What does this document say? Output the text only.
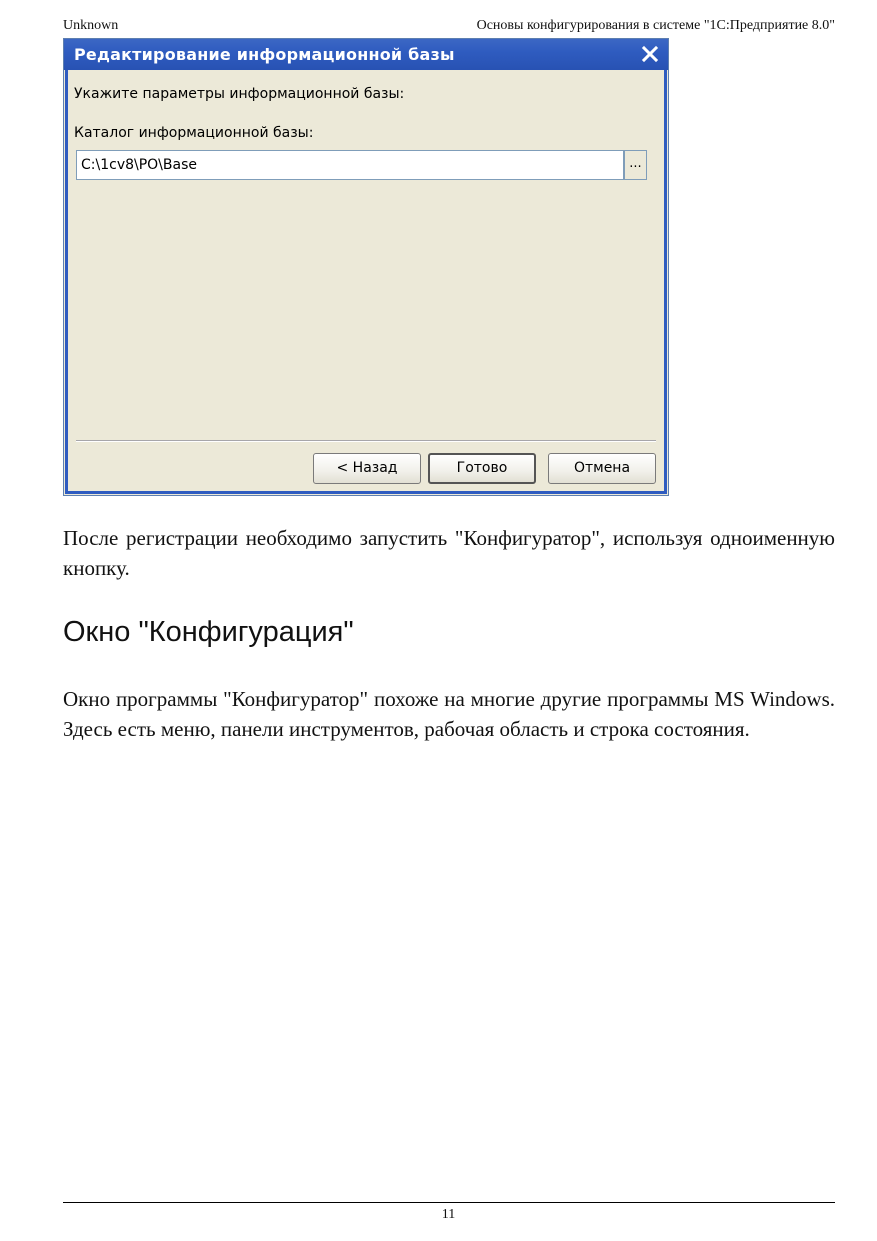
Unknown	Основы конфигурирования в системе "1С:Предприятие 8.0"
Редактирование информационной базы
Укажите параметры информационной базы:
Каталог информационной базы:
C:\1cv8\PO\Base
...
< Назад	Готово	Отмена

После регистрации необходимо запустить "Конфигуратор", используя одноименную кнопку.

Окно "Конфигурация"

Окно программы "Конфигуратор" похоже на многие другие программы MS Windows. Здесь есть меню, панели инструментов, рабочая область и строка состояния.

11
